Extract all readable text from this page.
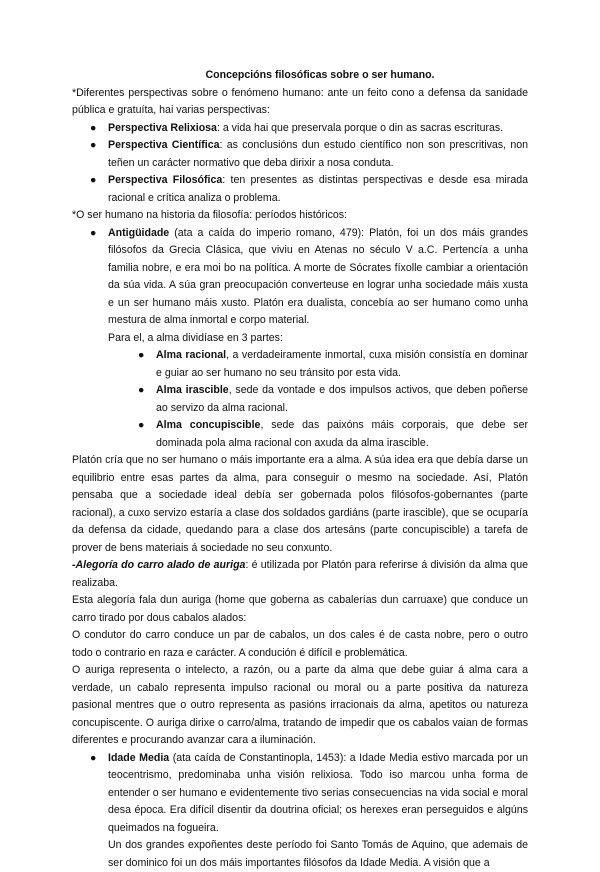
Concepcións filosóficas sobre o ser humano.

*Diferentes perspectivas sobre o fenómeno humano: ante un feito cono a defensa da sanidade pública e gratuíta, hai varias perspectivas:

● Perspectiva Relixiosa: a vida hai que preservala porque o din as sacras escrituras.
● Perspectiva Científica: as conclusións dun estudo científico non son prescritivas, non teñen un carácter normativo que deba dirixir a nosa conduta.
● Perspectiva Filosófica: ten presentes as distintas perspectivas e desde esa mirada racional e crítica analiza o problema.

*O ser humano na historia da filosofía: períodos históricos:

● Antigüidade (ata a caída do imperio romano, 479): Platón, foi un dos máis grandes filósofos da Grecia Clásica, que viviu en Atenas no século V a.C. Pertencía a unha familia nobre, e era moi bo na política. A morte de Sócrates fíxolle cambiar a orientación da súa vida. A súa gran preocupación converteuse en lograr unha sociedade máis xusta e un ser humano máis xusto. Platón era dualista, concebía ao ser humano como unha mestura de alma inmortal e corpo material.

Para el, a alma dividíase en 3 partes:

● Alma racional, a verdadeiramente inmortal, cuxa misión consistía en dominar e guiar ao ser humano no seu tránsito por esta vida.
● Alma irascible, sede da vontade e dos impulsos activos, que deben poñerse ao servizo da alma racional.
● Alma concupiscible, sede das paixóns máis corporais, que debe ser dominada pola alma racional con axuda da alma irascible.

Platón cría que no ser humano o máis importante era a alma. A súa idea era que debía darse un equilibrio entre esas partes da alma, para conseguir o mesmo na sociedade. Así, Platón pensaba que a sociedade ideal debía ser gobernada polos filósofos-gobernantes (parte racional), a cuxo servizo estaría a clase dos soldados gardiáns (parte irascible), que se ocuparía da defensa da cidade, quedando para a clase dos artesáns (parte concupiscible) a tarefa de prover de bens materiais á sociedade no seu conxunto.

-Alegoría do carro alado de auriga: é utilizada por Platón para referirse á división da alma que realizaba.

Esta alegoría fala dun auriga (home que goberna as cabalerías dun carruaxe) que conduce un carro tirado por dous cabalos alados:

O condutor do carro conduce un par de cabalos, un dos cales é de casta nobre, pero o outro todo o contrario en raza e carácter. A condución é difícil e problemática.

O auriga representa o intelecto, a razón, ou a parte da alma que debe guiar á alma cara a verdade, un cabalo representa impulso racional ou moral ou a parte positiva da natureza pasional mentres que o outro representa as pasións irracionais da alma, apetitos ou natureza concupiscente. O auriga dirixe o carro/alma, tratando de impedir que os cabalos vaian de formas diferentes e procurando avanzar cara a iluminación.

● Idade Media (ata caída de Constantinopla, 1453): a Idade Media estivo marcada por un teocentrismo, predominaba unha visión relixiosa. Todo iso marcou unha forma de entender o ser humano e evidentemente tivo serias consecuencias na vida social e moral desa época. Era difícil disentir da doutrina oficial; os herexes eran perseguidos e algúns queimados na fogueira.

Un dos grandes expoñentes deste período foi Santo Tomás de Aquino, que ademais de ser dominico foi un dos máis importantes filósofos da Idade Media. A visión que a
